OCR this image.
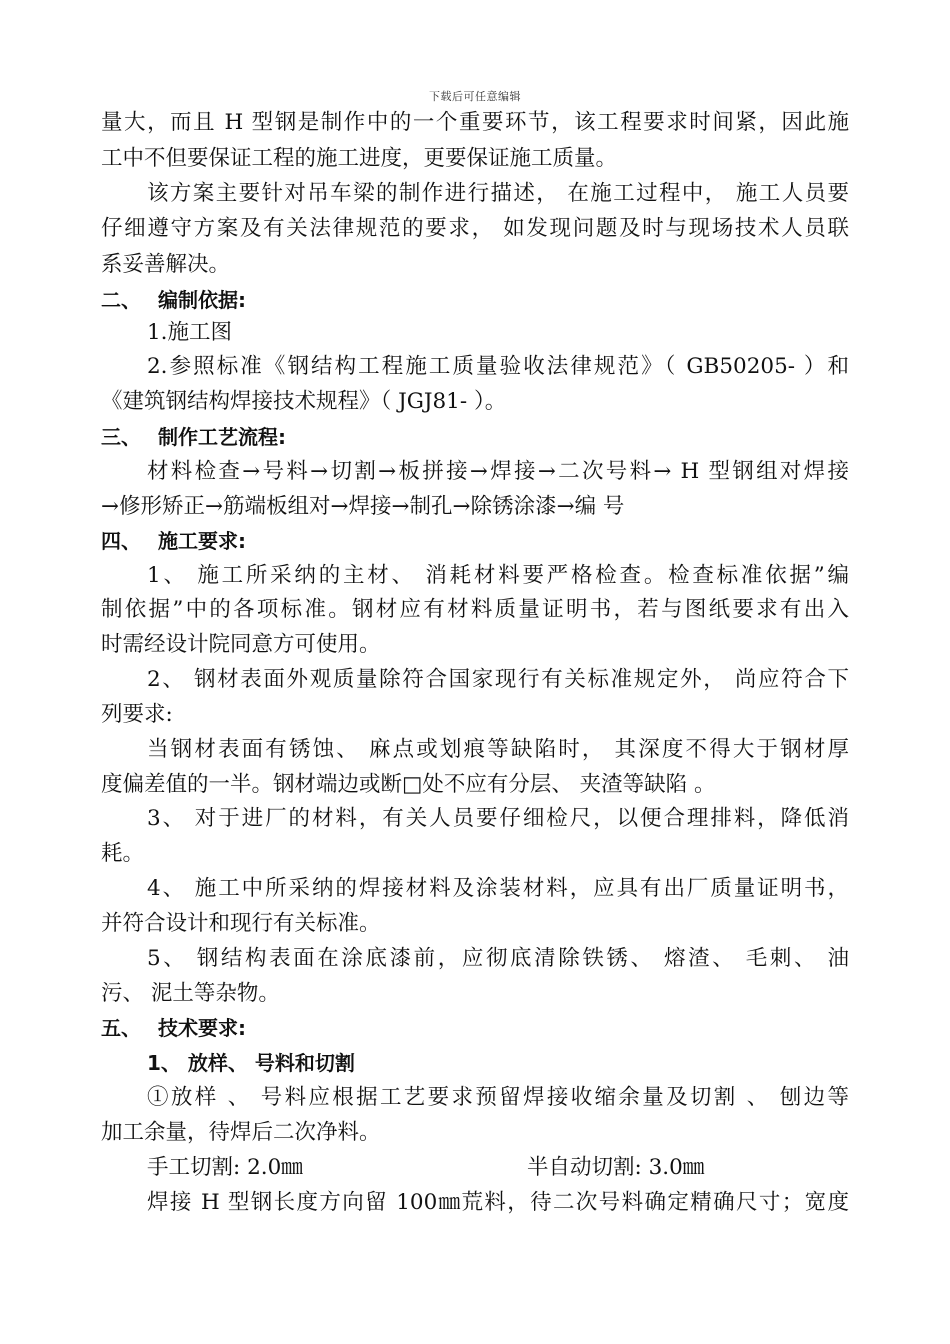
下载后可任意编辑
量大，而且 H 型钢是制作中的一个重要环节，该工程要求时间紧，因此施
工中不但要保证工程的施工进度，更要保证施工质量。
该方案主要针对吊车梁的制作进行描述， 在施工过程中， 施工人员要
仔细遵守方案及有关法律规范的要求， 如发现问题及时与现场技术人员联
系妥善解决。
二、 编制依据:
1.施工图
2.参照标准《钢结构工程施工质量验收法律规范》（ GB50205- ）和
《建筑钢结构焊接技术规程》（ JGJ81- ）。
三、 制作工艺流程:
材料检查→号料→切割→板拼接→焊接→二次号料→ H 型钢组对焊接
→修形矫正→筋端板组对→焊接→制孔→除锈涂漆→编 号
四、 施工要求:
1、 施工所采纳的主材、 消耗材料要严格检查。检查标准依据”编
制依据”中的各项标准。钢材应有材料质量证明书，若与图纸要求有出入
时需经设计院同意方可使用。
2、 钢材表面外观质量除符合国家现行有关标准规定外， 尚应符合下
列要求:
当钢材表面有锈蚀、 麻点或划痕等缺陷时， 其深度不得大于钢材厚
度偏差值的一半。钢材端边或断□处不应有分层、 夹渣等缺陷 。
3、 对于进厂的材料，有关人员要仔细检尺，以便合理排料，降低消
耗。
4、 施工中所采纳的焊接材料及涂装材料，应具有出厂质量证明书，
并符合设计和现行有关标准。
5、 钢结构表面在涂底漆前，应彻底清除铁锈、 熔渣、 毛刺、 油
污、 泥土等杂物。
五、 技术要求:
1、 放样、 号料和切割
①放样 、 号料应根据工艺要求预留焊接收缩余量及切割 、 刨边等
加工余量，待焊后二次净料。
手工切割: 2.0㎜	半自动切割: 3.0㎜
焊接 H 型钢长度方向留 100㎜荒料，待二次号料确定精确尺寸；宽度
